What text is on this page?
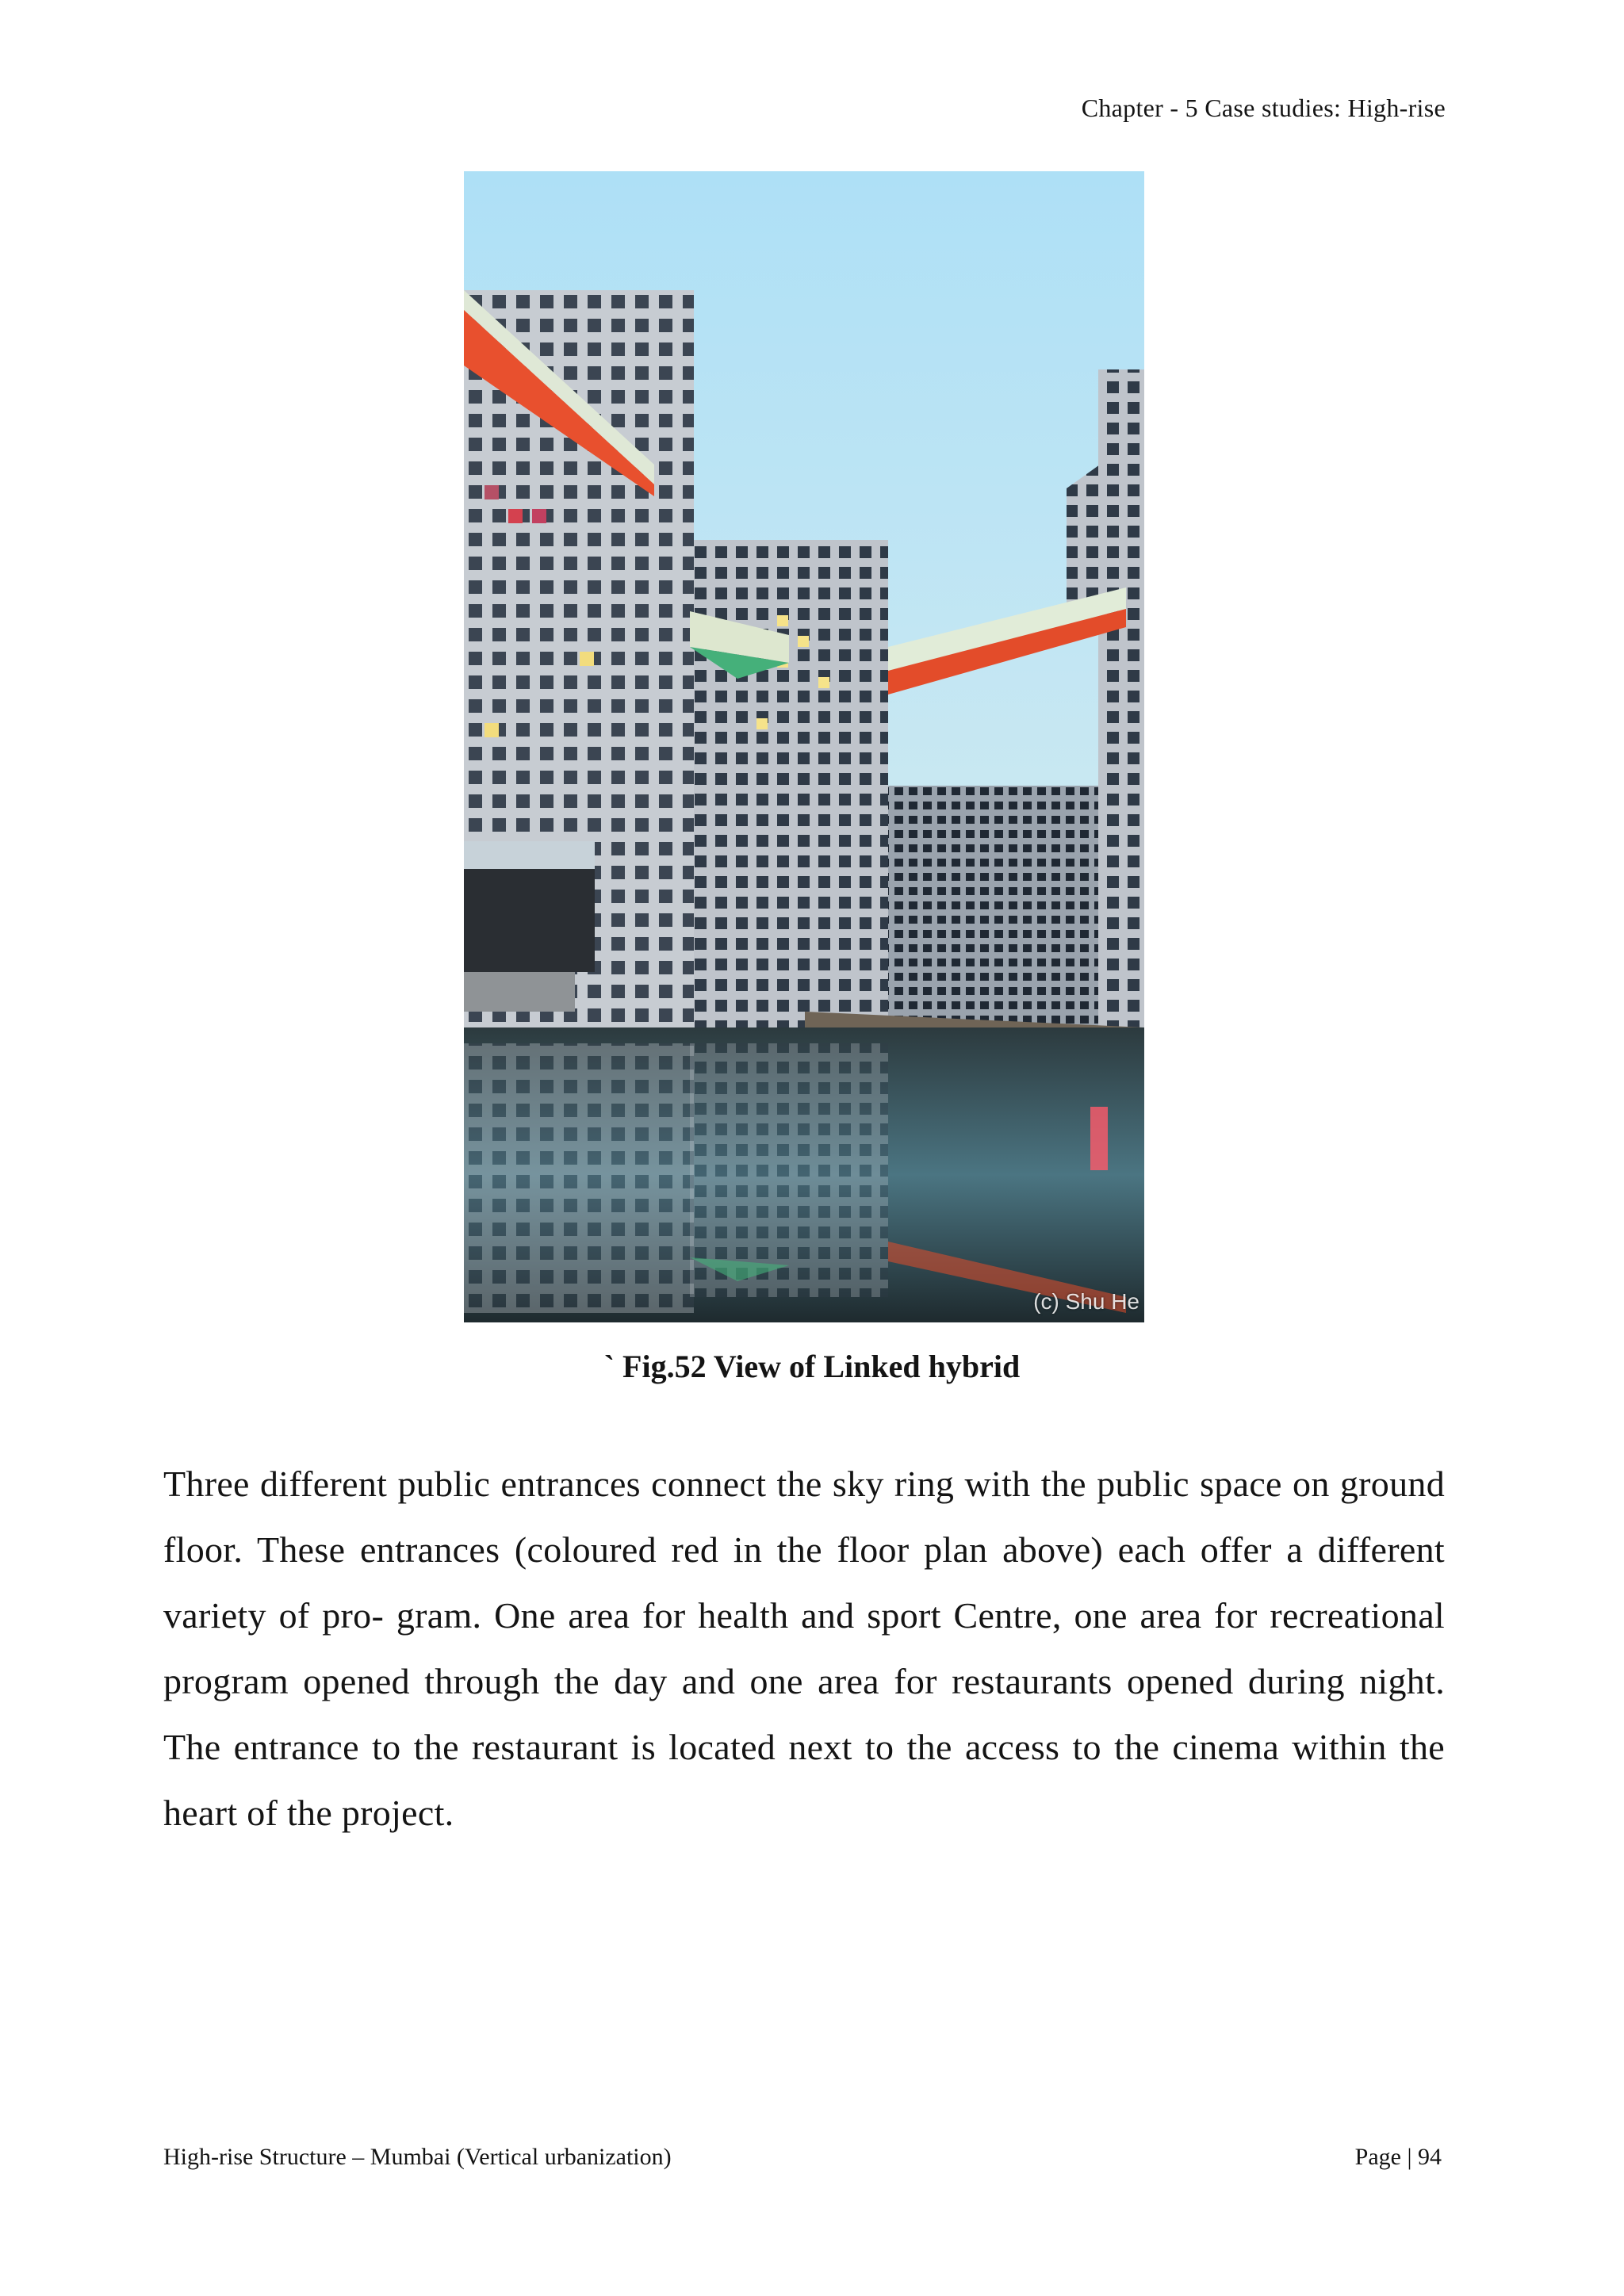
Chapter - 5 Case studies: High-rise
(c) Shu He
` Fig.52 View of Linked hybrid
Three different public entrances connect the sky ring with the public space on ground floor. These entrances (coloured red in the floor plan above) each offer a different variety of pro- gram. One area for health and sport Centre, one area for recreational program opened through the day and one area for restaurants opened during night. The entrance to the restaurant is located next to the access to the cinema within the heart of the project.
High-rise Structure – Mumbai (Vertical urbanization)	Page | 94
